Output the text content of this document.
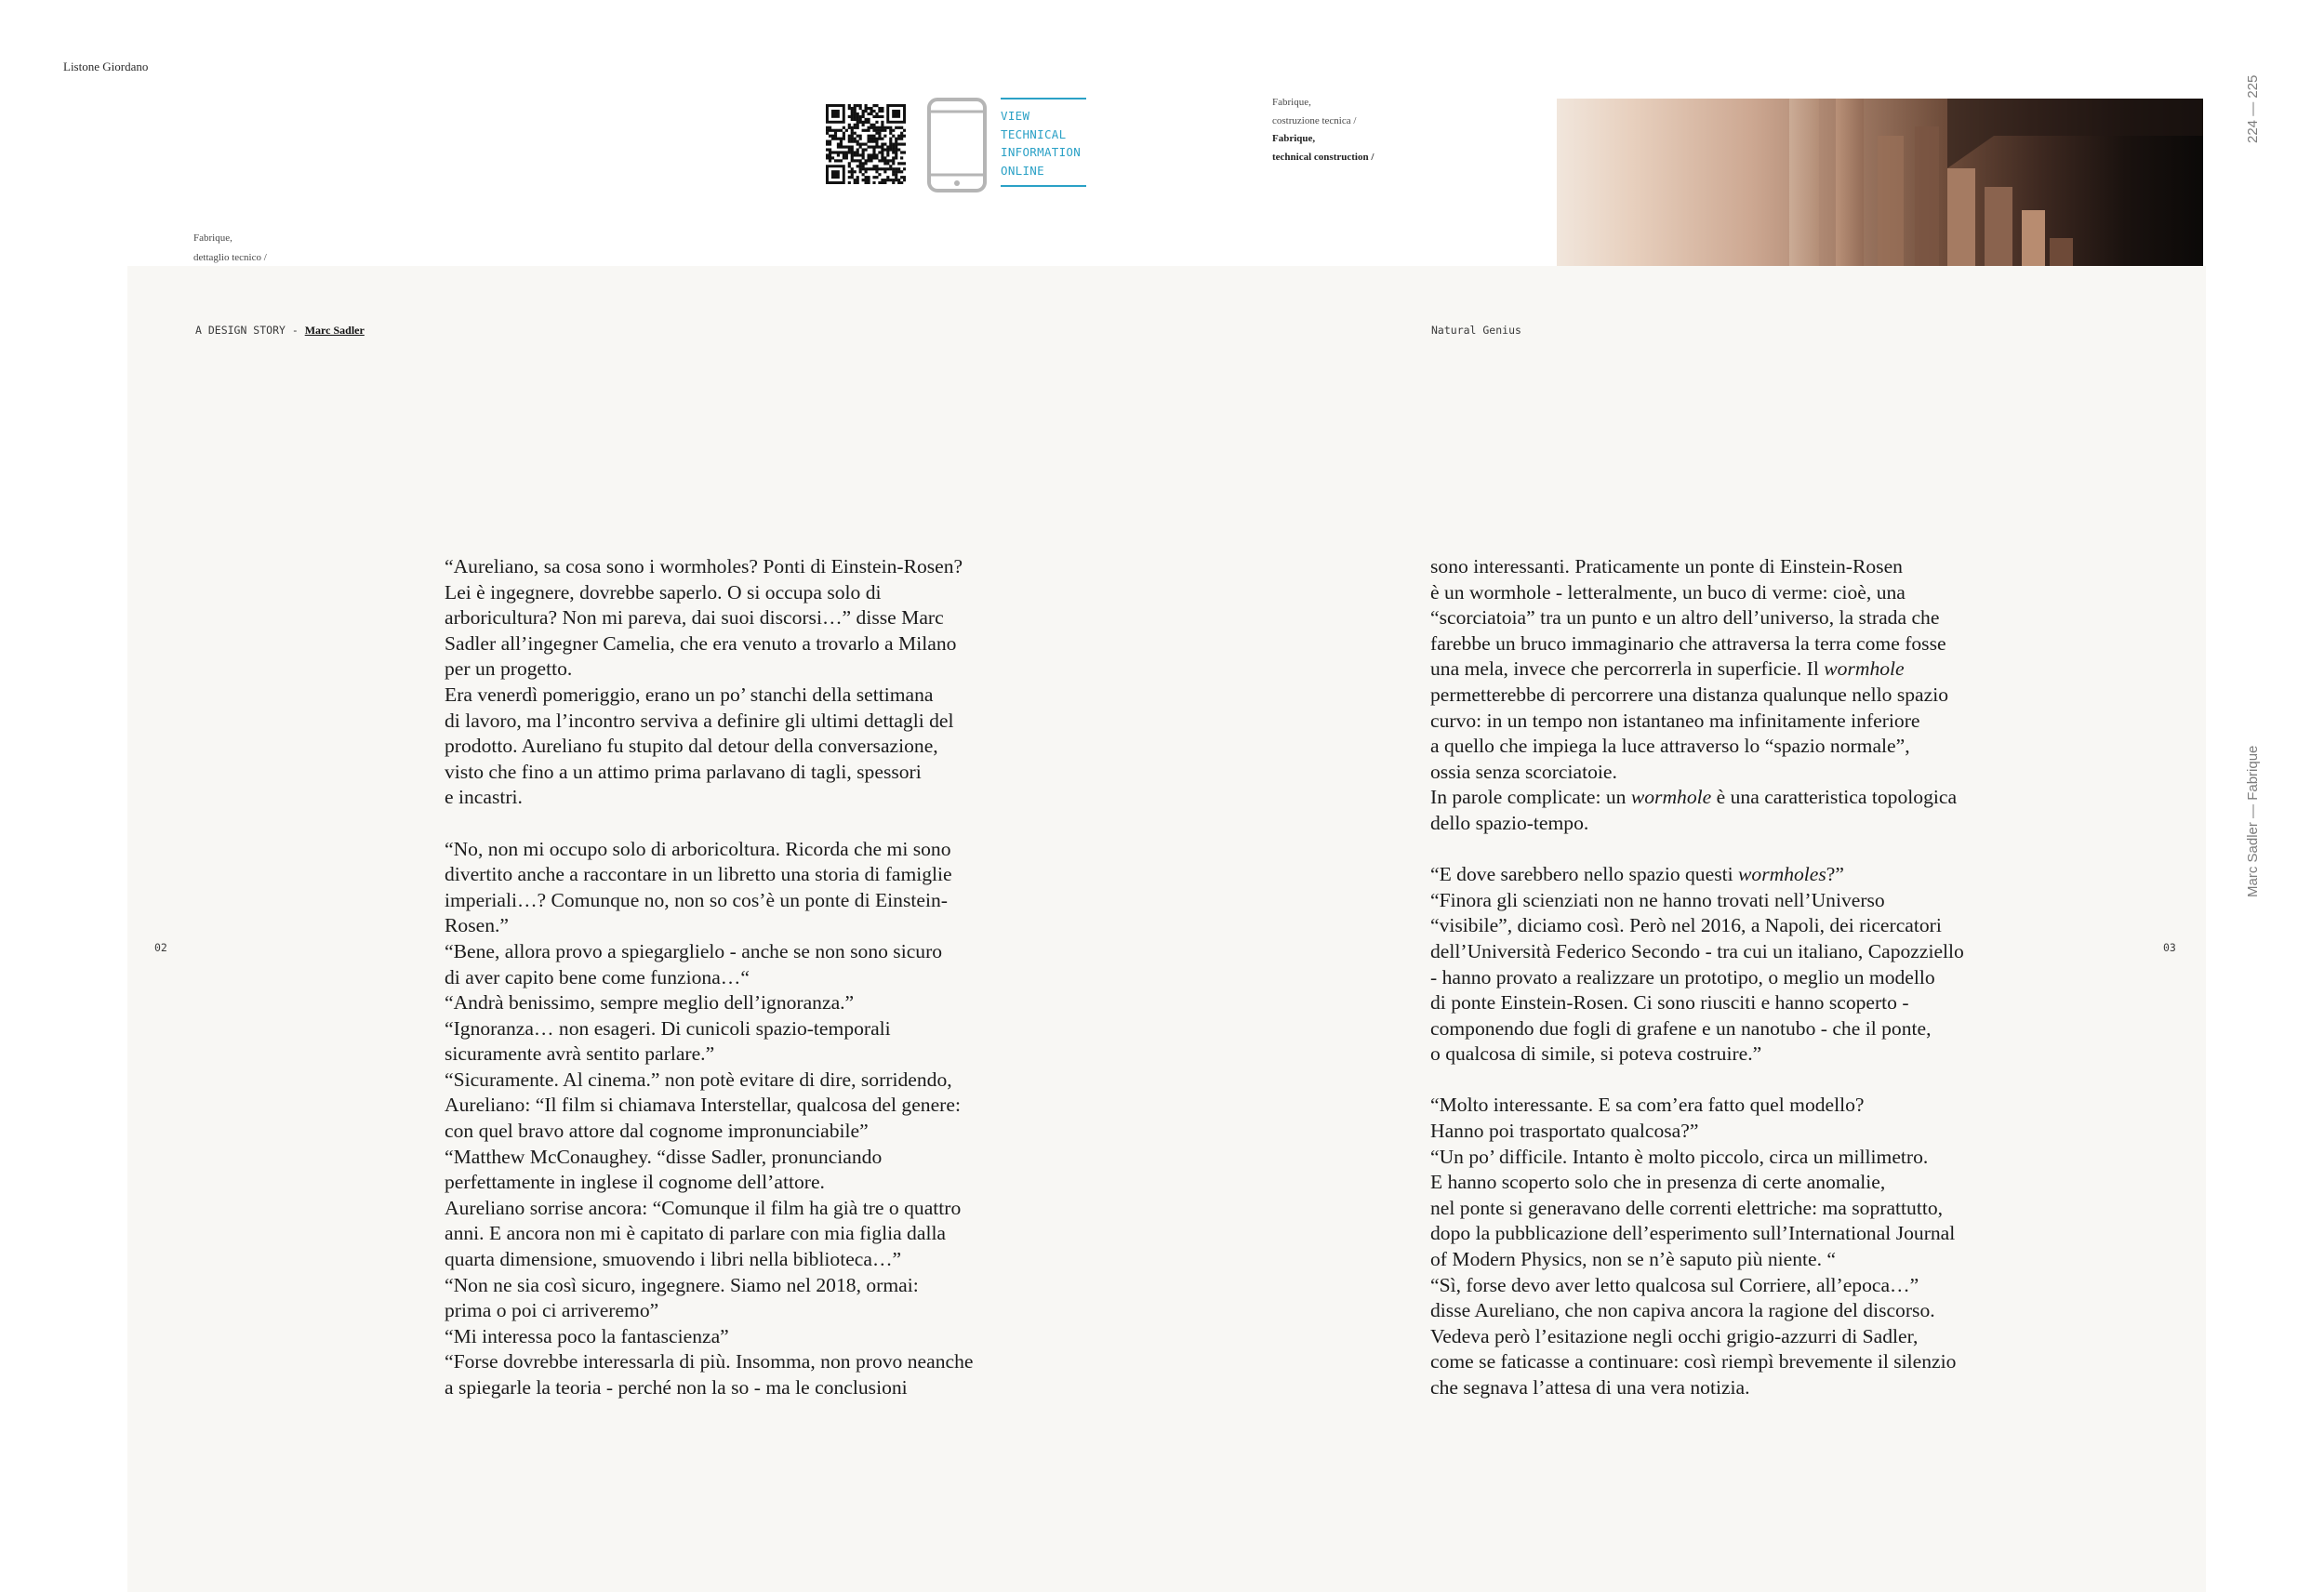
Listone Giordano
Fabrique,
dettaglio tecnico /
VIEW
TECHNICAL
INFORMATION
ONLINE
Fabrique,
costruzione tecnica /
Fabrique,
technical construction /
224 — 225
Marc Sadler — Fabrique
A DESIGN STORY - Marc Sadler	Natural Genius
02	03

“Aureliano, sa cosa sono i wormholes? Ponti di Einstein-Rosen?

Lei è ingegnere, dovrebbe saperlo. O si occupa solo di

arboricultura? Non mi pareva, dai suoi discorsi…” disse Marc

Sadler all’ingegner Camelia, che era venuto a trovarlo a Milano

per un progetto.

Era venerdì pomeriggio, erano un po’ stanchi della settimana

di lavoro, ma l’incontro serviva a definire gli ultimi dettagli del

prodotto. Aureliano fu stupito dal detour della conversazione,

visto che fino a un attimo prima parlavano di tagli, spessori

e incastri.

“No, non mi occupo solo di arboricoltura. Ricorda che mi sono

divertito anche a raccontare in un libretto una storia di famiglie

imperiali…? Comunque no, non so cos’è un ponte di Einstein-

Rosen.”

“Bene, allora provo a spiegarglielo - anche se non sono sicuro

di aver capito bene come funziona…“

“Andrà benissimo, sempre meglio dell’ignoranza.”

“Ignoranza… non esageri. Di cunicoli spazio-temporali

sicuramente avrà sentito parlare.”

“Sicuramente. Al cinema.” non potè evitare di dire, sorridendo,

Aureliano: “Il film si chiamava Interstellar, qualcosa del genere:

con quel bravo attore dal cognome impronunciabile”

“Matthew McConaughey. “disse Sadler, pronunciando

perfettamente in inglese il cognome dell’attore.

Aureliano sorrise ancora: “Comunque il film ha già tre o quattro

anni. E ancora non mi è capitato di parlare con mia figlia dalla

quarta dimensione, smuovendo i libri nella biblioteca…”

“Non ne sia così sicuro, ingegnere. Siamo nel 2018, ormai:

prima o poi ci arriveremo”

“Mi interessa poco la fantascienza”

“Forse dovrebbe interessarla di più. Insomma, non provo neanche

a spiegarle la teoria - perché non la so - ma le conclusioni

sono interessanti. Praticamente un ponte di Einstein-Rosen

è un wormhole - letteralmente, un buco di verme: cioè, una

“scorciatoia” tra un punto e un altro dell’universo, la strada che

farebbe un bruco immaginario che attraversa la terra come fosse

una mela, invece che percorrerla in superficie. Il wormhole

permetterebbe di percorrere una distanza qualunque nello spazio

curvo: in un tempo non istantaneo ma infinitamente inferiore

a quello che impiega la luce attraverso lo “spazio normale”,

ossia senza scorciatoie.

In parole complicate: un wormhole è una caratteristica topologica

dello spazio-tempo.

“E dove sarebbero nello spazio questi wormholes?”

“Finora gli scienziati non ne hanno trovati nell’Universo

“visibile”, diciamo così. Però nel 2016, a Napoli, dei ricercatori

dell’Università Federico Secondo - tra cui un italiano, Capozziello

- hanno provato a realizzare un prototipo, o meglio un modello

di ponte Einstein-Rosen. Ci sono riusciti e hanno scoperto -

componendo due fogli di grafene e un nanotubo - che il ponte,

o qualcosa di simile, si poteva costruire.”

“Molto interessante. E sa com’era fatto quel modello?

Hanno poi trasportato qualcosa?”

“Un po’ difficile. Intanto è molto piccolo, circa un millimetro.

E hanno scoperto solo che in presenza di certe anomalie,

nel ponte si generavano delle correnti elettriche: ma soprattutto,

dopo la pubblicazione dell’esperimento sull’International Journal

of Modern Physics, non se n’è saputo più niente. “

“Sì, forse devo aver letto qualcosa sul Corriere, all’epoca…”

disse Aureliano, che non capiva ancora la ragione del discorso.

Vedeva però l’esitazione negli occhi grigio-azzurri di Sadler,

come se faticasse a continuare: così riempì brevemente il silenzio

che segnava l’attesa di una vera notizia.
